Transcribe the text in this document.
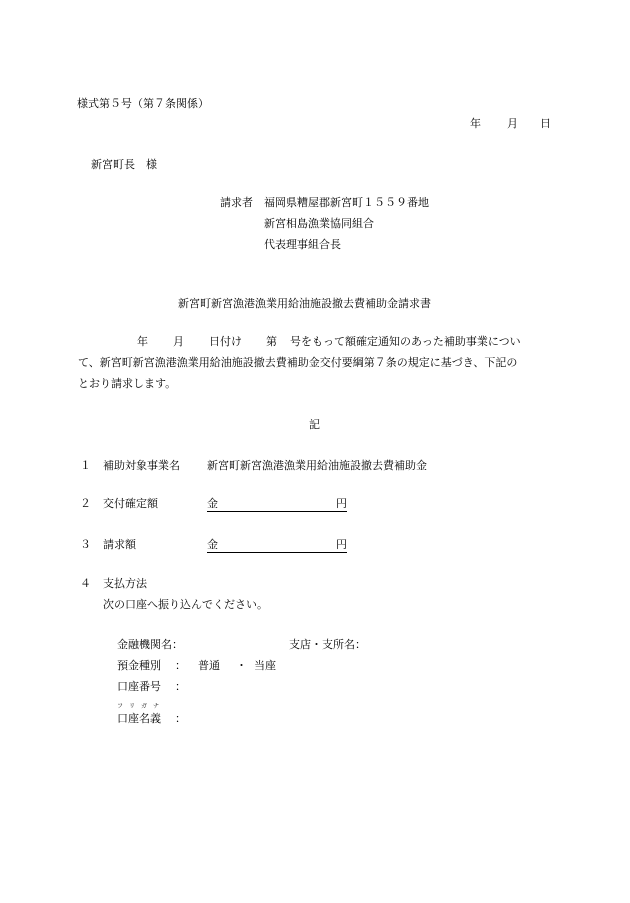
様式第５号（第７条関係）
年 月 日
新宮町長　様
請求者 福岡県糟屋郡新宮町１５５９番地
新宮相島漁業協同組合
代表理事組合長
新宮町新宮漁港漁業用給油施設撤去費補助金請求書
年 月 日付け 第 号をもって額確定通知のあった補助事業につい
て、新宮町新宮漁港漁業用給油施設撤去費補助金交付要綱第７条の規定に基づき、下記の
とおり請求します。
記
１ 補助対象事業名 新宮町新宮漁港漁業用給油施設撤去費補助金
２ 交付確定額	金	円
３ 請求額	金	円
４ 支払方法
次の口座へ振り込んでください。
金融機関名：	支店・支所名：
預金種別 ： 普通 ・ 当座
口座番号 ：
フ　リ　ガ　ナ
口座名義 ：
